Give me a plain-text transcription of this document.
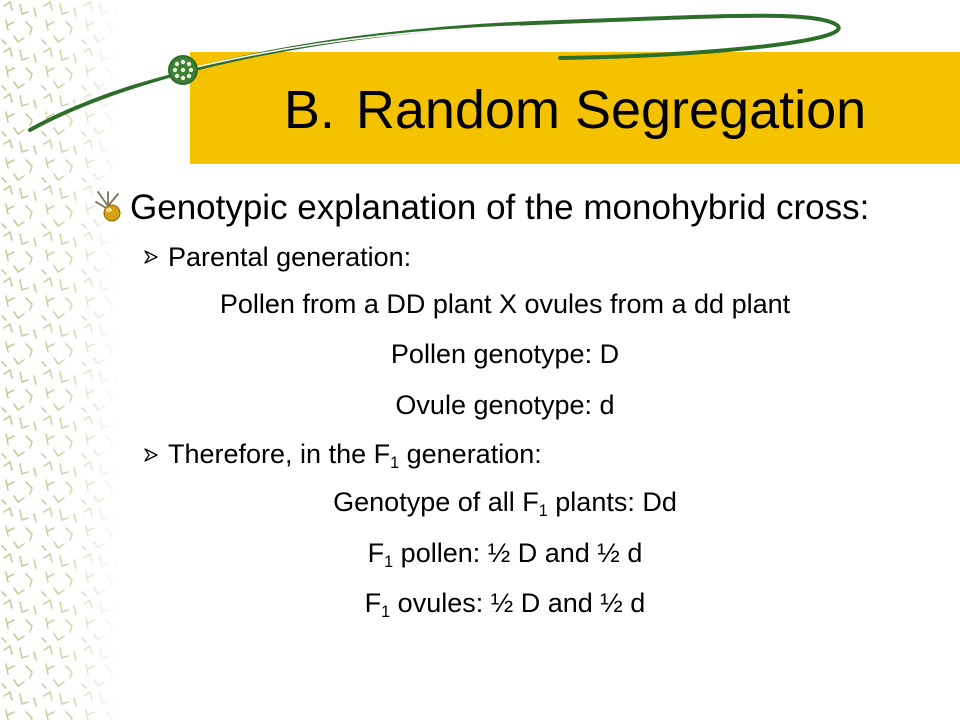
B. Random Segregation
Genotypic explanation of the monohybrid cross:
Parental generation:
Pollen from a DD plant X ovules from a dd plant
Pollen genotype: D
Ovule genotype: d
Therefore, in the $F_1$ generation:
Genotype of all $F_1$ plants: Dd
$F_1$ pollen: ½ D and ½ d
$F_1$ ovules: ½ D and ½ d
